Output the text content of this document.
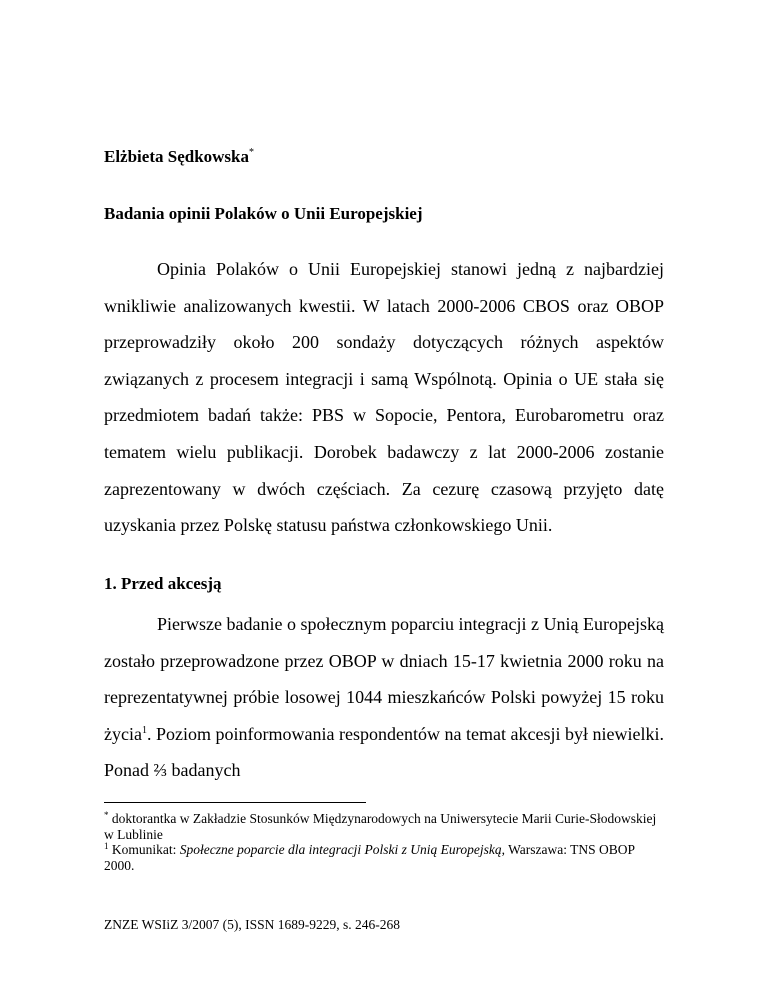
Elżbieta Sędkowska*
Badania opinii Polaków o Unii Europejskiej

Opinia Polaków o Unii Europejskiej stanowi jedną z najbardziej wnikliwie analizowanych kwestii. W latach 2000-2006 CBOS oraz OBOP przeprowadziły około 200 sondaży dotyczących różnych aspektów związanych z procesem integracji i samą Wspólnotą. Opinia o UE stała się przedmiotem badań także: PBS w Sopocie, Pentora, Eurobarometru oraz tematem wielu publikacji. Dorobek badawczy z lat 2000-2006 zostanie zaprezentowany w dwóch częściach. Za cezurę czasową przyjęto datę uzyskania przez Polskę statusu państwa członkowskiego Unii.

1. Przed akcesją

Pierwsze badanie o społecznym poparciu integracji z Unią Europejską zostało przeprowadzone przez OBOP w dniach 15-17 kwietnia 2000 roku na reprezentatywnej próbie losowej 1044 mieszkańców Polski powyżej 15 roku życia$^1$. Poziom poinformowania respondentów na temat akcesji był niewielki. Ponad ⅔ badanych

* doktorantka w Zakładzie Stosunków Międzynarodowych na Uniwersytecie Marii Curie-Słodowskiej w Lublinie

$^1$ Komunikat: Społeczne poparcie dla integracji Polski z Unią Europejską, Warszawa: TNS OBOP 2000.

ZNZE WSIiZ 3/2007 (5), ISSN 1689-9229, s. 246-268
